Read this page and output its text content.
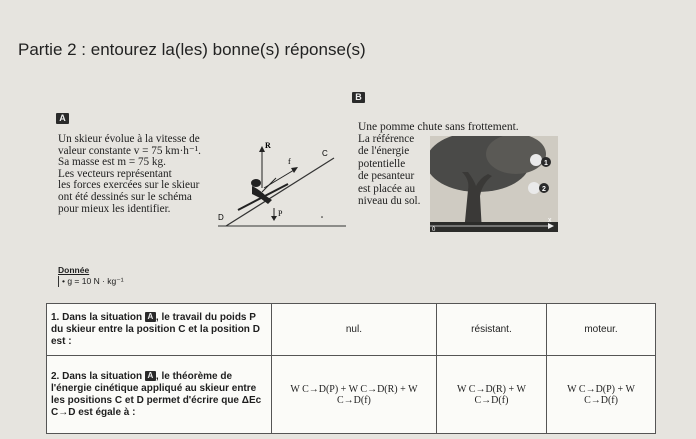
Partie 2 : entourez la(les) bonne(s) réponse(s)
A
Un skieur évolue à la vitesse de
valeur constante v = 75 km·h⁻¹.
Sa masse est m = 75 kg.
Les vecteurs représentant
les forces exercées sur le skieur
ont été dessinés sur le schéma
pour mieux les identifier.
R
f
C
P
D
B
Une pomme chute sans frottement.
La référence
de l'énergie
potentielle
de pesanteur
est placée au
niveau du sol.
x
0
1
2
Donnée
• g = 10 N · kg⁻¹
1. Dans la situation A , le travail du poids P du skieur entre la position C et la position D est :	nul.	résistant.	moteur.
2. Dans la situation A , le théorème de l'énergie cinétique appliqué au skieur entre les positions C et D permet d'écrire que ΔEc C→D est égale à :	W C→D(P) + W C→D(R) + W C→D(f)	W C→D(R) + W C→D(f)	W C→D(P) + W C→D(f)
